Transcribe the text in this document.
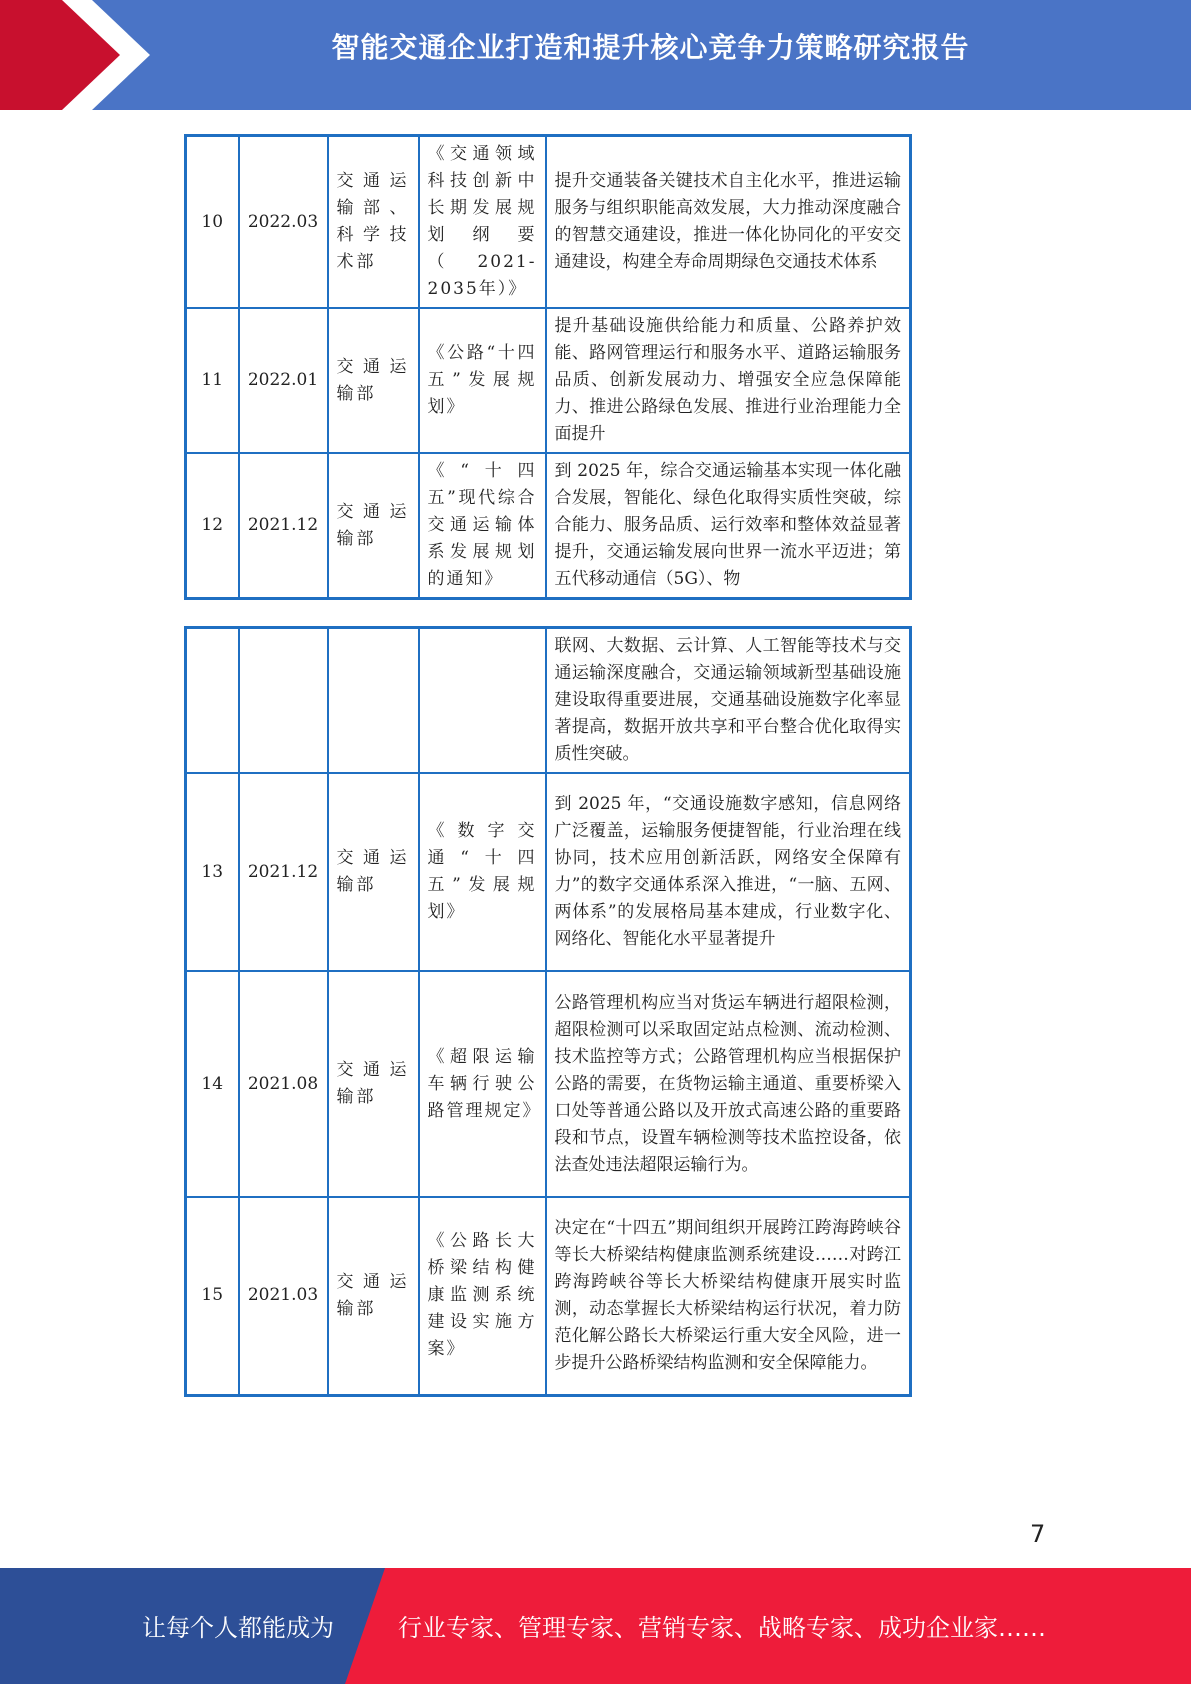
智能交通企业打造和提升核心竞争力策略研究报告
10	2022.03	交通运输部、科学技术部	《交通领域科技创新中长期发展规划纲要（2021-2035年）》	提升交通装备关键技术自主化水平，推进运输服务与组织职能高效发展，大力推动深度融合的智慧交通建设，推进一体化协同化的平安交通建设，构建全寿命周期绿色交通技术体系
11	2022.01	交通运输部	《公路“十四五”发展规划》	提升基础设施供给能力和质量、公路养护效能、路网管理运行和服务水平、道路运输服务品质、创新发展动力、增强安全应急保障能力、推进公路绿色发展、推进行业治理能力全面提升
12	2021.12	交通运输部	《“十四五”现代综合交通运输体系发展规划的通知》	到 2025 年，综合交通运输基本实现一体化融合发展，智能化、绿色化取得实质性突破，综合能力、服务品质、运行效率和整体效益显著提升，交通运输发展向世界一流水平迈进；第五代移动通信（5G）、物
				联网、大数据、云计算、人工智能等技术与交通运输深度融合，交通运输领域新型基础设施建设取得重要进展，交通基础设施数字化率显著提高，数据开放共享和平台整合优化取得实质性突破。
13	2021.12	交通运输部	《数字交通“十四五”发展规划》	到 2025 年，“交通设施数字感知，信息网络广泛覆盖，运输服务便捷智能，行业治理在线协同，技术应用创新活跃，网络安全保障有力”的数字交通体系深入推进，“一脑、五网、两体系”的发展格局基本建成，行业数字化、网络化、智能化水平显著提升
14	2021.08	交通运输部	《超限运输车辆行驶公路管理规定》	公路管理机构应当对货运车辆进行超限检测，超限检测可以采取固定站点检测、流动检测、技术监控等方式；公路管理机构应当根据保护公路的需要，在货物运输主通道、重要桥梁入口处等普通公路以及开放式高速公路的重要路段和节点，设置车辆检测等技术监控设备，依法查处违法超限运输行为。
15	2021.03	交通运输部	《公路长大桥梁结构健康监测系统建设实施方案》	决定在“十四五”期间组织开展跨江跨海跨峡谷等长大桥梁结构健康监测系统建设……对跨江跨海跨峡谷等长大桥梁结构健康开展实时监测，动态掌握长大桥梁结构运行状况，着力防范化解公路长大桥梁运行重大安全风险，进一步提升公路桥梁结构监测和安全保障能力。
7
让每个人都能成为	行业专家、管理专家、营销专家、战略专家、成功企业家……
